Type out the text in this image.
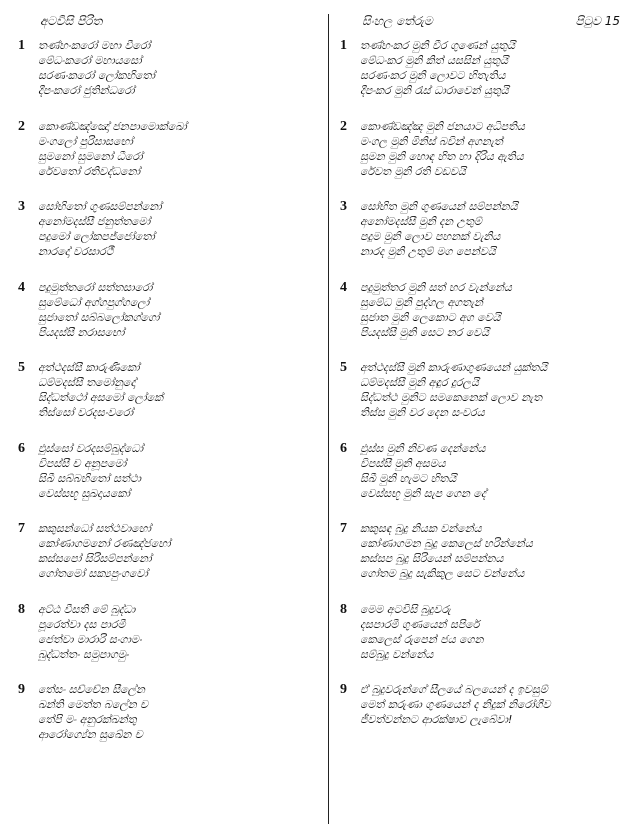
අටවිසි පිරිත	සිංහල තේරුම	පිටුව 15
1	තණ්හංකරෝ මහා වීරෝ
මේධංකරෝ මහායසෝ
සරණංකරෝ ලෝකහිතෝ
දීපංකරෝ ජුතින්ධරෝ
2	කොණ්ඩඤ්ඤෝ ජනපාමොක්ඛෝ
මංගලෝ පුරිසාසභෝ
සුමනෝ සුමනෝ ධීරෝ
රේවතෝ රතිවද්ධනෝ
3	සෝභිතෝ ගුණසම්පන්නෝ
අනෝමදස්සී ජනුත්තමෝ
පදුමෝ ලෝකපජ්ජෝතෝ
නාරදෝ වරසාරථී
4	පදුමුත්තරෝ සත්තසාරෝ
සුමේධෝ අග්ගපුග්ගලෝ
සුජාතෝ සබ්බලෝකග්ගෝ
පියදස්සී නරාසභෝ
5	අත්ථදස්සී කාරුණිකෝ
ධම්මදස්සී තමෝනුදෝ
සිද්ධත්ථෝ අසමෝ ලෝකේ
තිස්සෝ වරදසංවරෝ
6	ඵුස්සෝ වරදසම්බුද්ධෝ
විපස්සී ච අනූපමෝ
සිඛී සබ්බහිතෝ සත්ථා
වෙස්සභූ සුඛදායකෝ
7	කකුසන්ධෝ සත්ථවාහෝ
කෝණාගමනෝ රණඤ්ජහෝ
කස්සපෝ සිරිසම්පන්නෝ
ගෝතමෝ සක්‍යපුංගවෝ
8	අට්ඨ වීසති මේ බුද්ධා
පූරෙත්වා දස පාරමී
ජෙත්වා මාරාරි සංගාමං
බුද්ධත්තං සමුපාගමුං
9	තේසං සච්චේන සීලේන
ඛන්ති මෙත්ත බලේන ච
තේපි මං අනුරක්ඛන්තු
ආරෝග්‍යේන සුඛේන ච
1	තණ්හංකර මුනි වීර ගුණෙන් යුතුයි
මේධංකර මුනි කිත් යසසින් යුතුයි
සරණංකර මුනි ලොවට හිතැතිය
දීපංකර මුනි රැස් ධාරාවෙන් යුතුයි
2	කොණ්ඩඤ්ඤ මුනි ජනයාට අධිපතිය
මංගල මුනි මිනිස් බවින් අගනැත්
සුමන මුනි හොඳ හිත හා දිරිය ඇතිය
රේවත මුනි රති වඩවයි
3	සෝභිත මුනි ගුණයෙන් සම්පන්නයි
අනෝමදස්සී මුනි දන උතුම්
පදුම මුනි ලොව පහනක් වැනිය
නාරද මුනි උතුම් මග පෙන්වයි
4	පදුමුත්තර මුනි සත් හර වැන්නේය
සුමේධ මුනි පුද්ගල අගතැන්
සුජාත මුනි ලෙකොට අග වෙයි
පියදස්සී මුනි සෙට නර වෙයි
5	අත්ථදස්සී මුනි කාරුණාගුණයෙන් යුක්තයි
ධම්මදස්සී මුනි අඳුර දුරලයි
සිද්ධත්ථ මුනිට සමකෙනෙක් ලොව නැත
තිස්ස මුනි වර දෙන සංවරය
6	ඵුස්ස මුනි නිවණ දෙන්නේය
විපස්සී මුනි අසමය
සිඛී මුනි හැමට හිතයි
වෙස්සභූ මුනි සැප ගෙන දේ
7	කකුසඳ බුදු නියක වන්නේය
කෝණාගමන බුදු කෙලෙස් හරින්නේය
කස්සප බුදු සිරියෙන් සම්පන්නය
ගෝතම බුදු සැකිකුල සෙට වන්නේය
8	මෙම අටවිසි බුදුවරු
දසපාරමී ගුණයෙන් සපිරේ
කෙලෙස් රුපෙන් ජය ගෙන
සම්බුදු වන්නේය
9	ඒ බුදුවරුන්ගේ සීලයේ බලයෙන් ද ඉවසුම්
මෙත් කරුණා ගුණයෙන් ද නිදුක් නිරෝගීව
ජීවත්වන්නට ආරක්ෂාව ලැබේවා!
